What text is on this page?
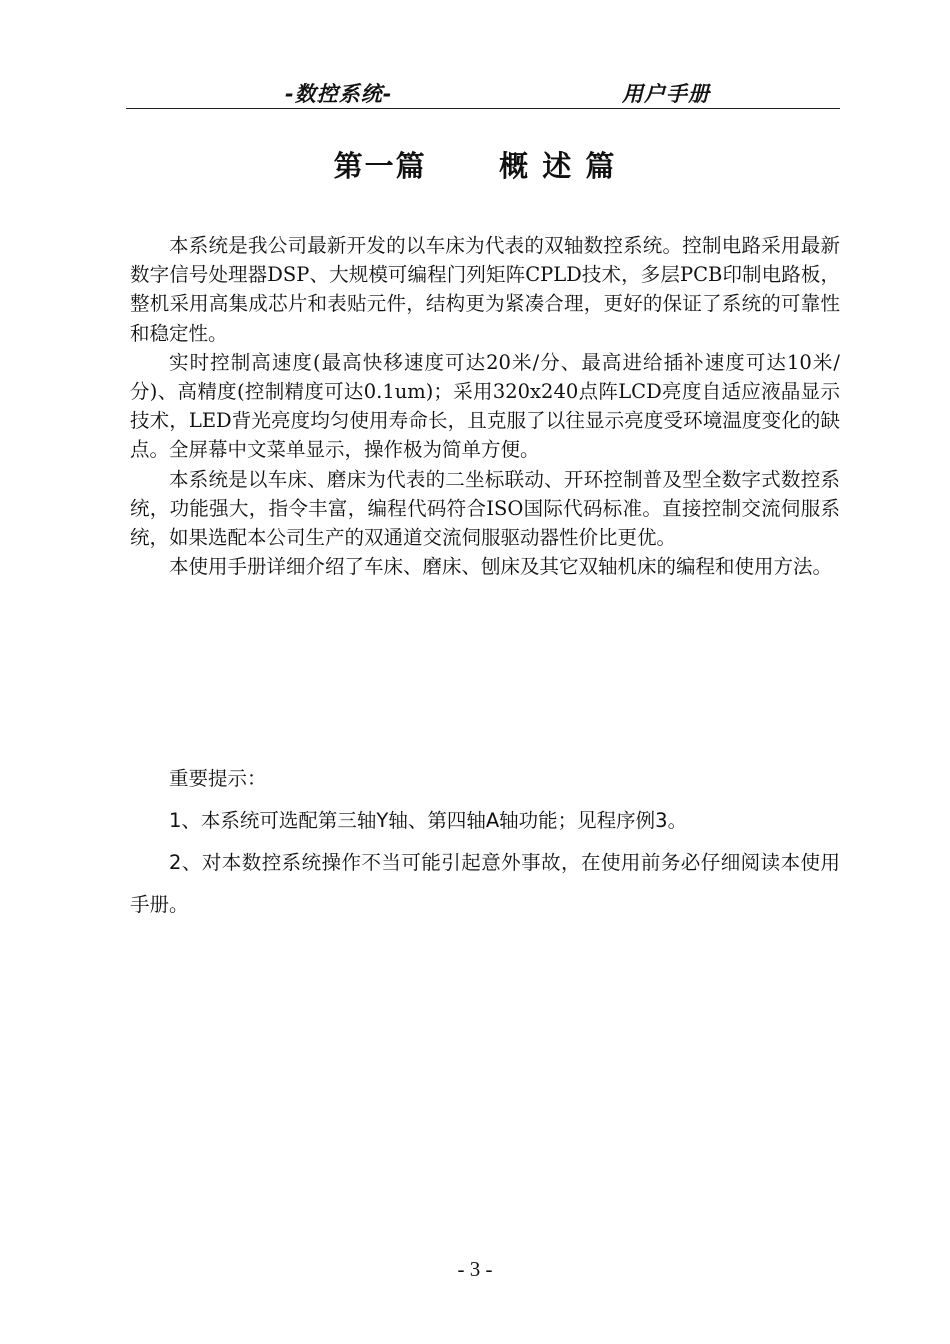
-数控系统-	用户手册
第一篇      概 述 篇

本系统是我公司最新开发的以车床为代表的双轴数控系统。控制电路采用最新数字信号处理器DSP、大规模可编程门列矩阵CPLD技术，多层PCB印制电路板，整机采用高集成芯片和表贴元件，结构更为紧凑合理，更好的保证了系统的可靠性和稳定性。

实时控制高速度(最高快移速度可达20米/分、最高进给插补速度可达10米/分)、高精度(控制精度可达0.1um)；采用320x240点阵LCD亮度自适应液晶显示技术，LED背光亮度均匀使用寿命长，且克服了以往显示亮度受环境温度变化的缺点。全屏幕中文菜单显示，操作极为简单方便。

本系统是以车床、磨床为代表的二坐标联动、开环控制普及型全数字式数控系统，功能强大，指令丰富，编程代码符合ISO国际代码标准。直接控制交流伺服系统，如果选配本公司生产的双通道交流伺服驱动器性价比更优。

本使用手册详细介绍了车床、磨床、刨床及其它双轴机床的编程和使用方法。

重要提示：

1、本系统可选配第三轴Y轴、第四轴A轴功能；见程序例3。

2、对本数控系统操作不当可能引起意外事故，在使用前务必仔细阅读本使用手册。

- 3 -
